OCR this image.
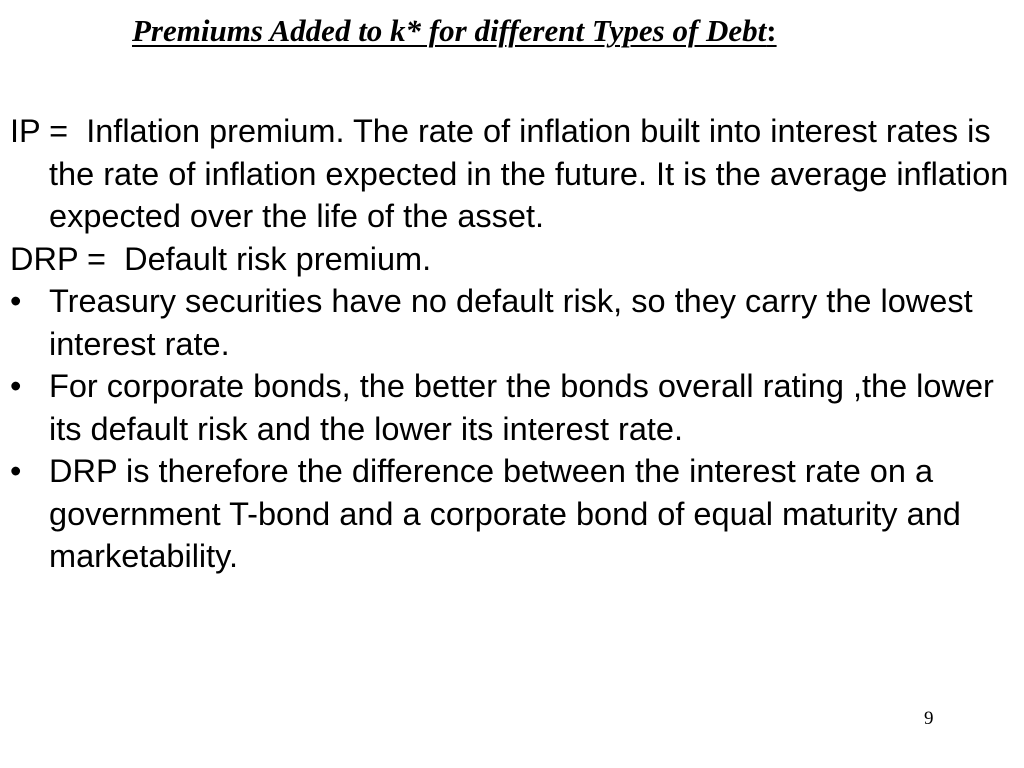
Premiums Added to k* for different Types of Debt:

IP =  Inflation premium. The rate of inflation built into interest rates is the rate of inflation expected in the future. It is the average inflation expected over the life of the asset.

DRP =  Default risk premium.

• Treasury securities have no default risk, so they carry the lowest interest rate.
• For corporate bonds, the better the bonds overall rating ,the lower its default risk and the lower its interest rate.
• DRP is therefore the difference between the interest rate on a government T-bond and a corporate bond of equal maturity and marketability.
9
